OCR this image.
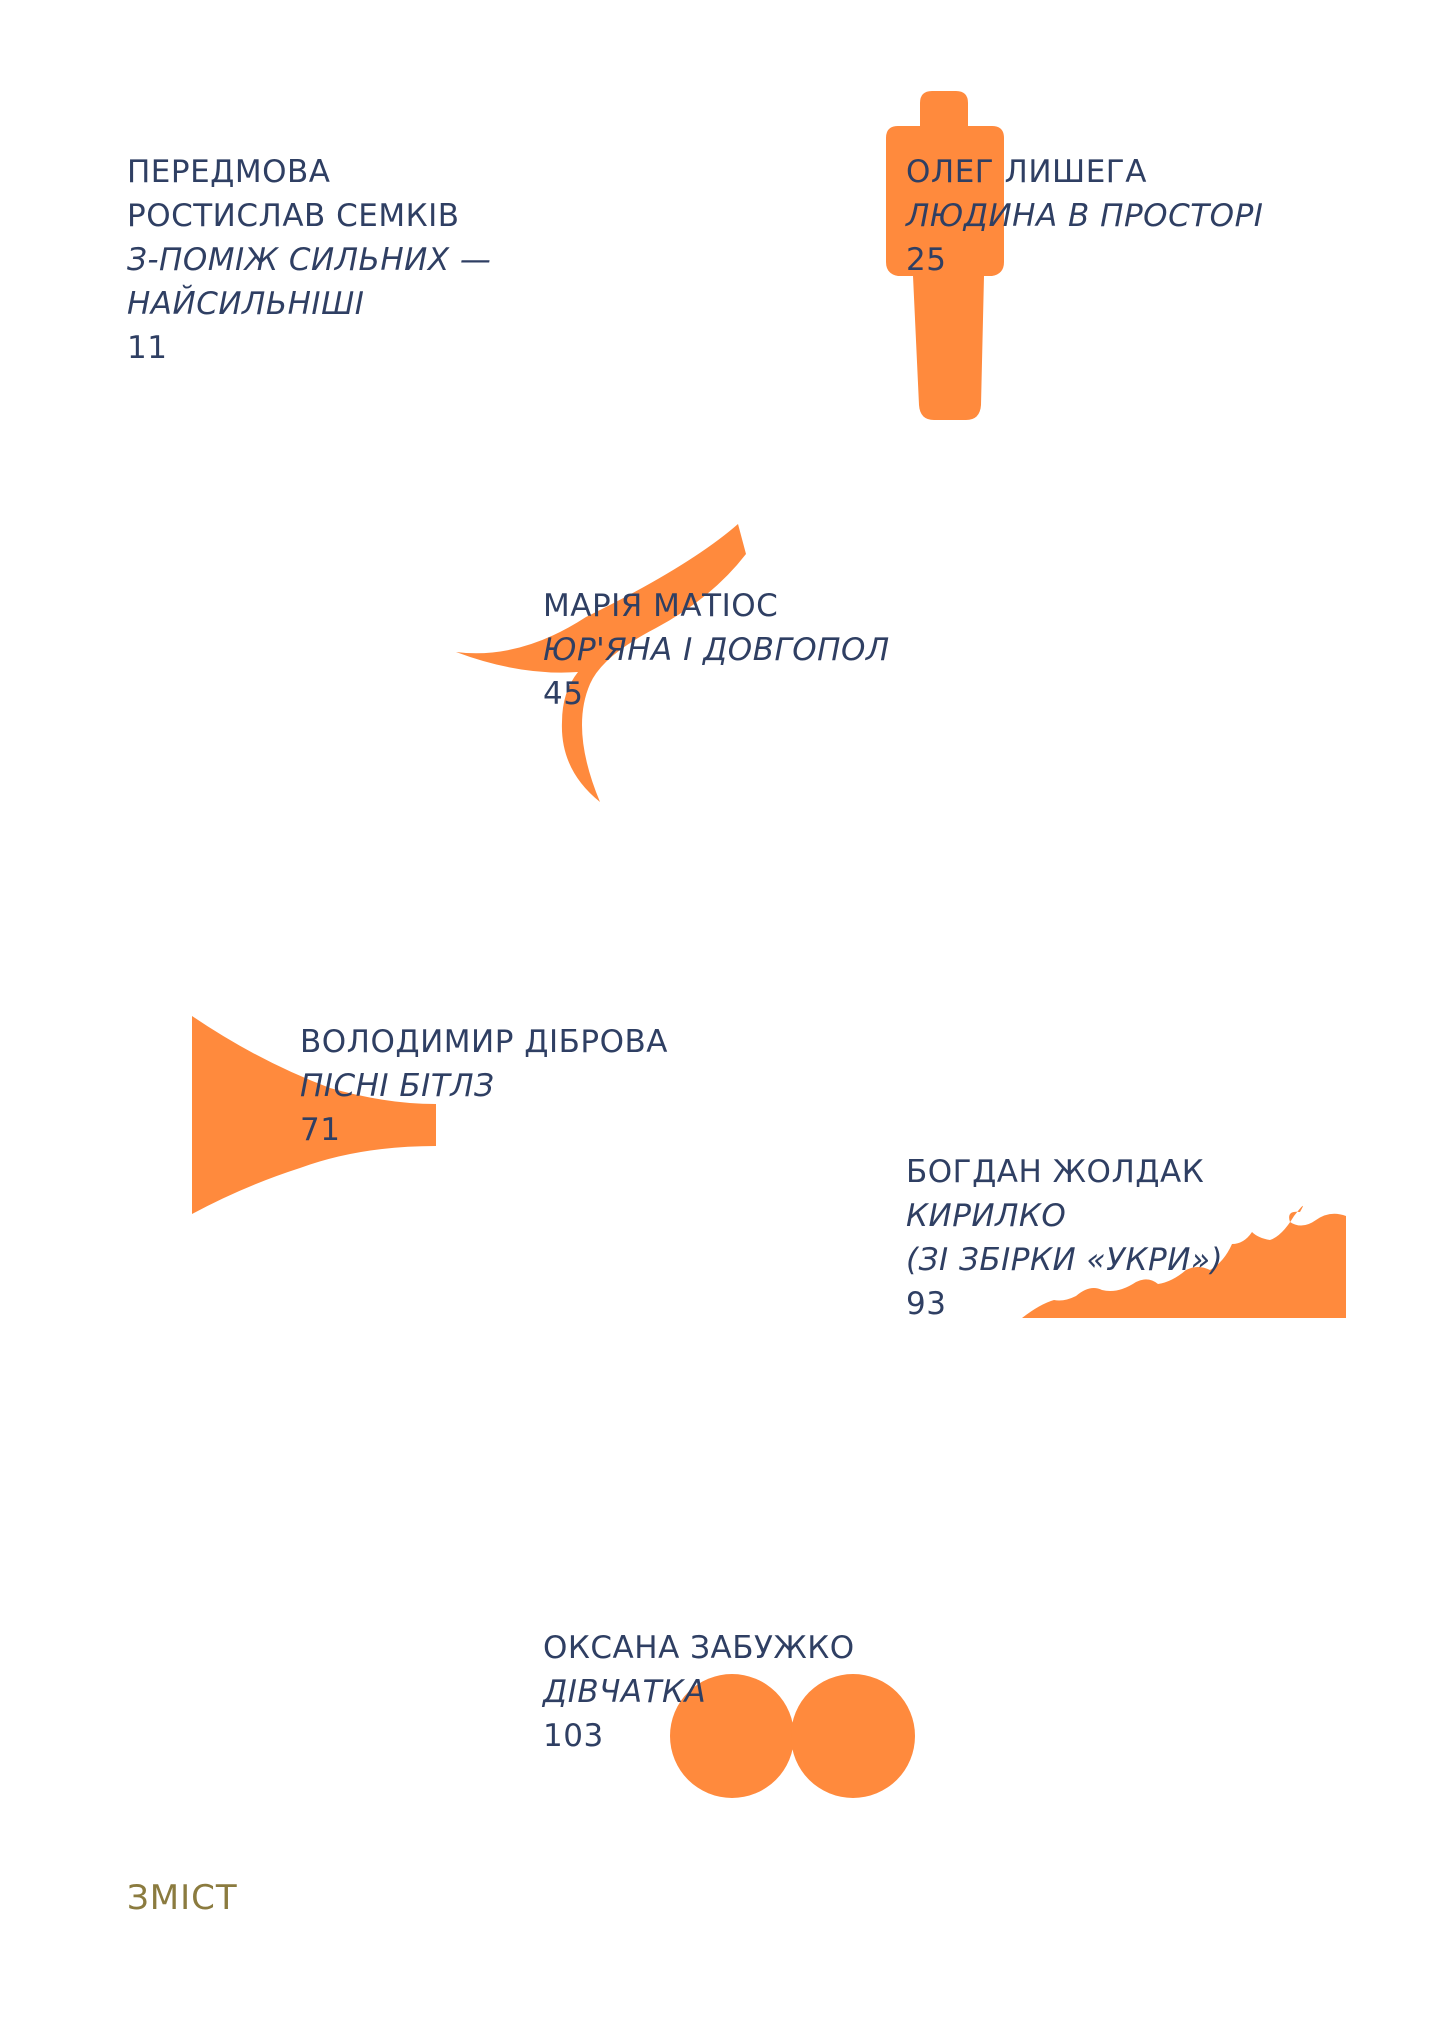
ПЕРЕДМОВА
РОСТИСЛАВ СЕМКІВ
З-ПОМІЖ СИЛЬНИХ —
НАЙСИЛЬНІШІ
11
ОЛЕГ ЛИШЕГА
ЛЮДИНА В ПРОСТОРІ
25
МАРІЯ МАТІОС
ЮР'ЯНА І ДОВГОПОЛ
45
ВОЛОДИМИР ДІБРОВА
ПІСНІ БІТЛЗ
71
БОГДАН ЖОЛДАК
КИРИЛКО
(ЗІ ЗБІРКИ «УКРИ»)
93
ОКСАНА ЗАБУЖКО
ДІВЧАТКА
103
ЗМІСТ
